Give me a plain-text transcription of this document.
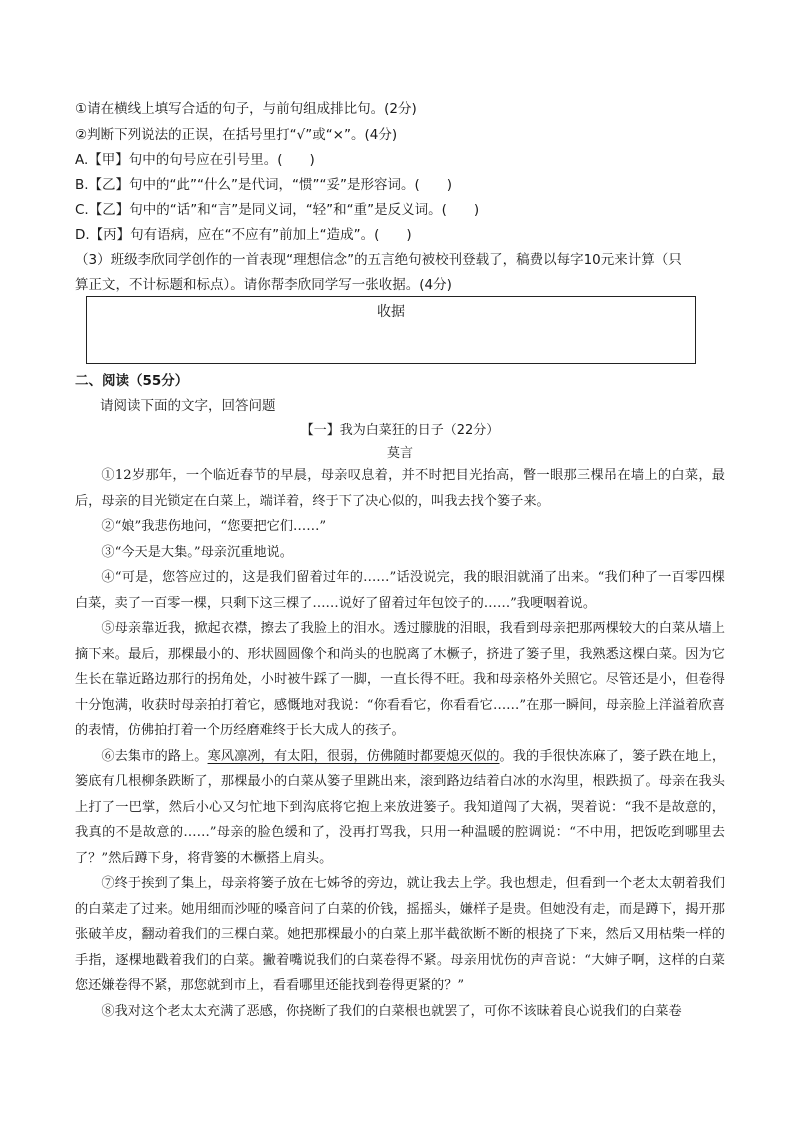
①请在横线上填写合适的句子，与前句组成排比句。(2分)
②判断下列说法的正误，在括号里打“√”或“×”。(4分)
A.【甲】句中的句号应在引号里。(　　)
B.【乙】句中的“此”“什么”是代词，“惯”“妥”是形容词。(　　)
C.【乙】句中的“话”和“言”是同义词，“轻”和“重”是反义词。(　　)
D.【丙】句有语病，应在“不应有”前加上“造成”。(　　)
（3）班级李欣同学创作的一首表现“理想信念”的五言绝句被校刊登载了，稿费以每字10元来计算（只
算正文，不计标题和标点）。请你帮李欣同学写一张收据。(4分)
收据
二、阅读（55分）
请阅读下面的文字，回答问题
【一】我为白菜狂的日子（22分）
莫言

①12岁那年，一个临近春节的早晨，母亲叹息着，并不时把目光抬高，瞥一眼那三棵吊在墙上的白菜，最后，母亲的目光锁定在白菜上，端详着，终于下了决心似的，叫我去找个篓子来。

②“娘”我悲伤地问，“您要把它们……”

③“今天是大集。”母亲沉重地说。

④“可是，您答应过的，这是我们留着过年的……”话没说完，我的眼泪就涌了出来。“我们种了一百零四棵白菜，卖了一百零一棵，只剩下这三棵了……说好了留着过年包饺子的……”我哽咽着说。

⑤母亲靠近我，掀起衣襟，擦去了我脸上的泪水。透过朦胧的泪眼，我看到母亲把那两棵较大的白菜从墙上摘下来。最后，那棵最小的、形状圆圆像个和尚头的也脱离了木橛子，挤进了篓子里，我熟悉这棵白菜。因为它生长在靠近路边那行的拐角处，小时被牛踩了一脚，一直长得不旺。我和母亲格外关照它。尽管还是小，但卷得十分饱满，收获时母亲拍打着它，感慨地对我说：“你看看它，你看看它……”在那一瞬间，母亲脸上洋溢着欣喜的表情，仿佛拍打着一个历经磨难终于长大成人的孩子。

⑥去集市的路上。寒风凛冽，有太阳，很弱，仿佛随时都要熄灭似的。我的手很快冻麻了，篓子跌在地上，篓底有几根柳条跌断了，那棵最小的白菜从篓子里跳出来，滚到路边结着白冰的水沟里，根跌损了。母亲在我头上打了一巴掌，然后小心又匀忙地下到沟底将它抱上来放进篓子。我知道闯了大祸，哭着说：“我不是故意的，我真的不是故意的……”母亲的脸色缓和了，没再打骂我，只用一种温暖的腔调说：“不中用，把饭吃到哪里去了？”然后蹲下身，将背篓的木橛搭上肩头。

⑦终于挨到了集上，母亲将篓子放在七姊爷的旁边，就让我去上学。我也想走，但看到一个老太太朝着我们的白菜走了过来。她用细而沙哑的嗓音问了白菜的价钱，摇摇头，嫌样子是贵。但她没有走，而是蹲下，揭开那张破羊皮，翻动着我们的三棵白菜。她把那棵最小的白菜上那半截欲断不断的根挠了下来，然后又用枯柴一样的手指，逐棵地戳着我们的白菜。撇着嘴说我们的白菜卷得不紧。母亲用忧伤的声音说：“大婶子啊，这样的白菜您还嫌卷得不紧，那您就到市上，看看哪里还能找到卷得更紧的？”

⑧我对这个老太太充满了恶感，你挠断了我们的白菜根也就罢了，可你不该昧着良心说我们的白菜卷
